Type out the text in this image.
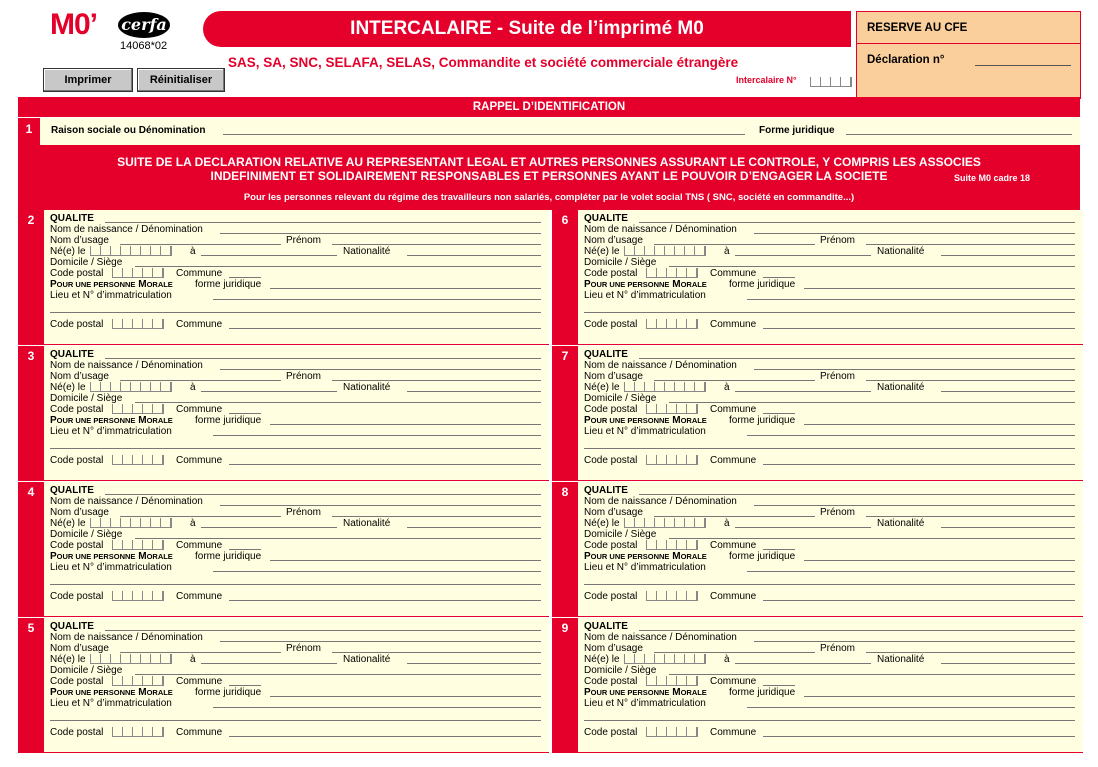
M0’ cerfa
14068*02
INTERCALAIRE - Suite de l’imprimé M0
SAS, SA, SNC, SELAFA, SELAS, Commandite et société commerciale étrangère
Intercalaire N°
Imprimer	Réinitialiser
RESERVE AU CFE
Déclaration n°
RAPPEL D’IDENTIFICATION
1	Raison sociale ou Dénomination	Forme juridique
SUITE DE LA DECLARATION RELATIVE AU REPRESENTANT LEGAL ET AUTRES PERSONNES ASSURANT LE CONTROLE, Y COMPRIS LES ASSOCIES
INDEFINIMENT ET SOLIDAIREMENT RESPONSABLES ET PERSONNES AYANT LE POUVOIR D’ENGAGER LA SOCIETE	Suite M0 cadre 18
Pour les personnes relevant du régime des travailleurs non salariés, compléter par le volet social TNS ( SNC, société en commandite...)
2	QUALITE
Nom de naissance / Dénomination
Nom d’usage	Prénom
Né(e) le	à	Nationalité
Domicile / Siège
Code postal	Commune
POUR UNE PERSONNE MORALE forme juridique
Lieu et N° d’immatriculation
Code postal	Commune
3	QUALITE
Nom de naissance / Dénomination
Nom d’usage	Prénom
Né(e) le	à	Nationalité
Domicile / Siège
Code postal	Commune
POUR UNE PERSONNE MORALE forme juridique
Lieu et N° d’immatriculation
Code postal	Commune
4	QUALITE
Nom de naissance / Dénomination
Nom d’usage	Prénom
Né(e) le	à	Nationalité
Domicile / Siège
Code postal	Commune
POUR UNE PERSONNE MORALE forme juridique
Lieu et N° d’immatriculation
Code postal	Commune
5	QUALITE
Nom de naissance / Dénomination
Nom d’usage	Prénom
Né(e) le	à	Nationalité
Domicile / Siège
Code postal	Commune
POUR UNE PERSONNE MORALE forme juridique
Lieu et N° d’immatriculation
Code postal	Commune
6	QUALITE
Nom de naissance / Dénomination
Nom d’usage	Prénom
Né(e) le	à	Nationalité
Domicile / Siège
Code postal	Commune
POUR UNE PERSONNE MORALE forme juridique
Lieu et N° d’immatriculation
Code postal	Commune
7	QUALITE
Nom de naissance / Dénomination
Nom d’usage	Prénom
Né(e) le	à	Nationalité
Domicile / Siège
Code postal	Commune
POUR UNE PERSONNE MORALE forme juridique
Lieu et N° d’immatriculation
Code postal	Commune
8	QUALITE
Nom de naissance / Dénomination
Nom d’usage	Prénom
Né(e) le	à	Nationalité
Domicile / Siège
Code postal	Commune
POUR UNE PERSONNE MORALE forme juridique
Lieu et N° d’immatriculation
Code postal	Commune
9	QUALITE
Nom de naissance / Dénomination
Nom d’usage	Prénom
Né(e) le	à	Nationalité
Domicile / Siège
Code postal	Commune
POUR UNE PERSONNE MORALE forme juridique
Lieu et N° d’immatriculation
Code postal	Commune
